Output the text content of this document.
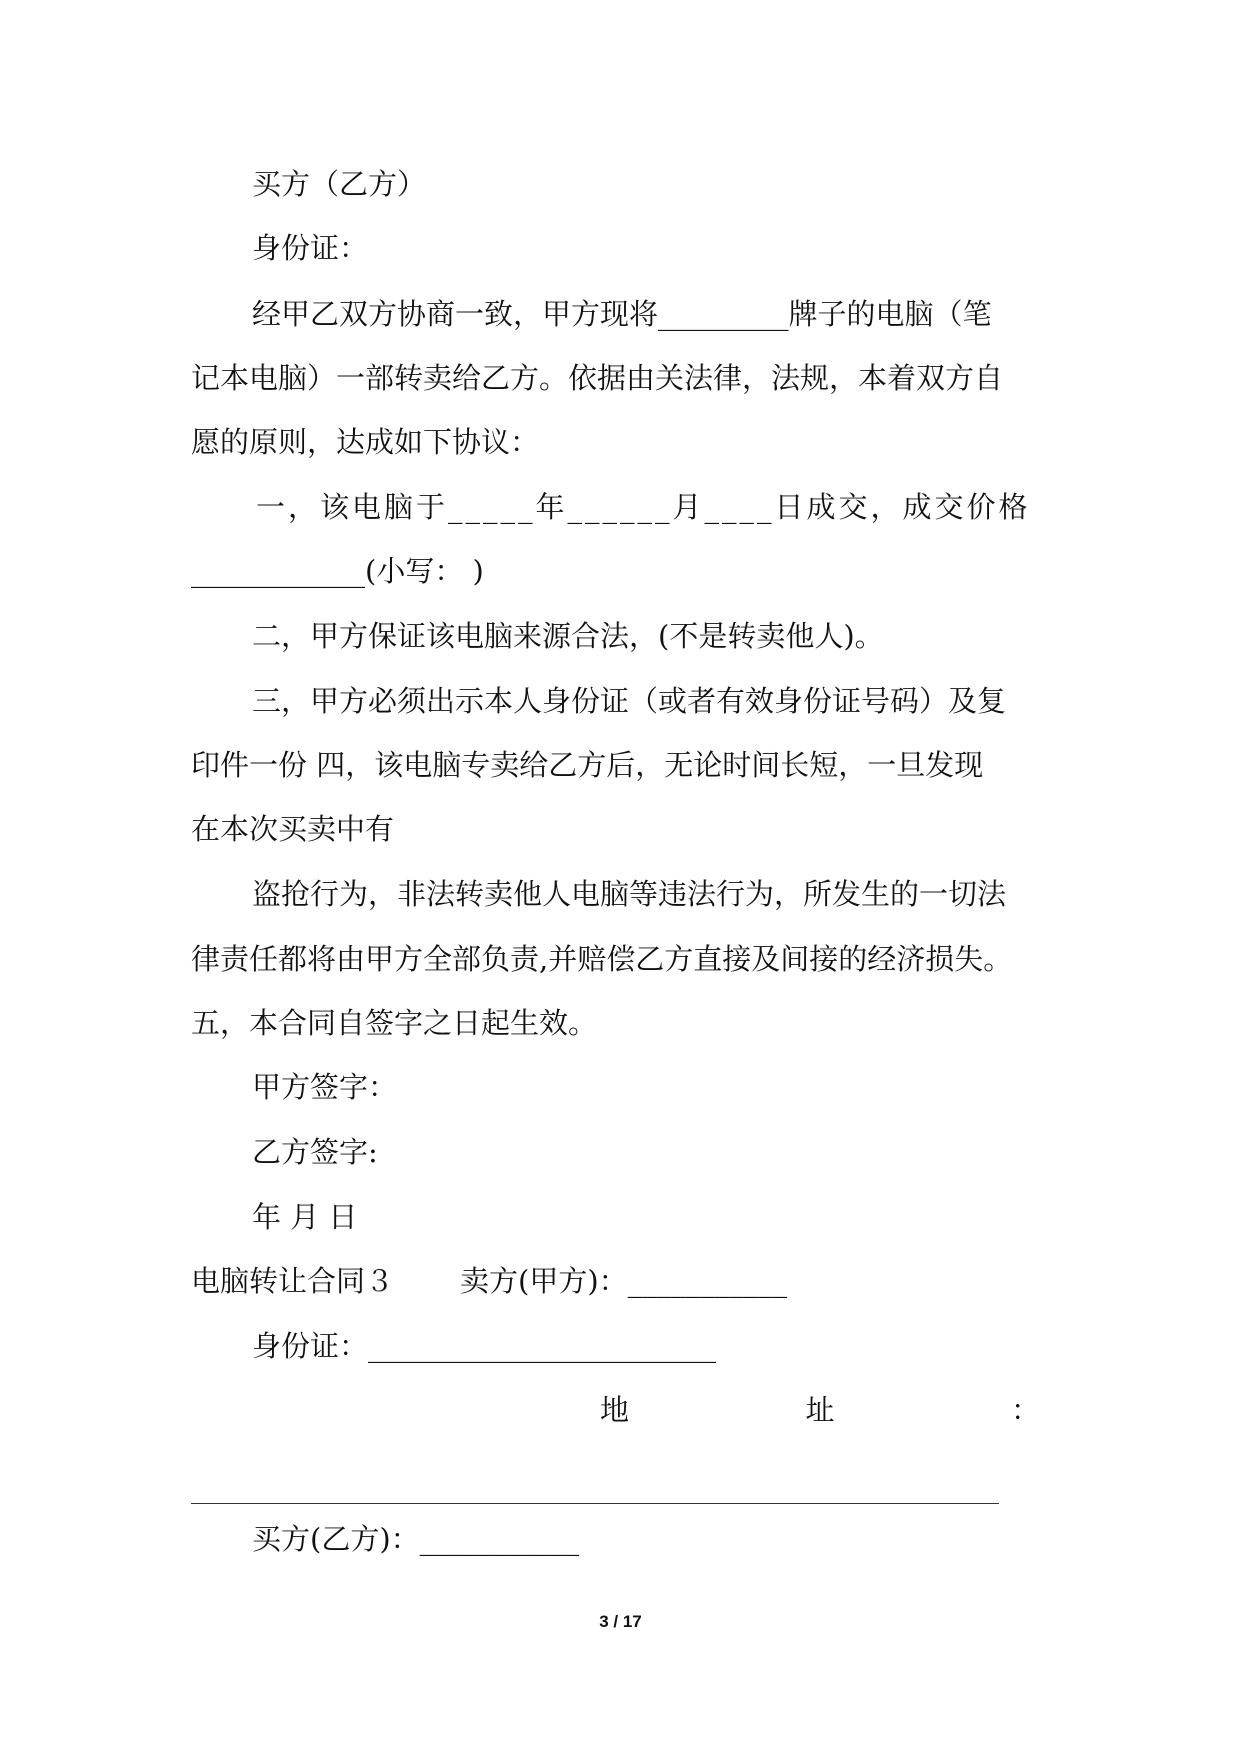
买方（乙方）
身份证：
经甲乙双方协商一致，甲方现将_________牌子的电脑（笔
记本电脑）一部转卖给乙方。依据由关法律，法规，本着双方自
愿的原则，达成如下协议：
一，该电脑于_____年______月____日成交，成交价格
____________(小写： )
二，甲方保证该电脑来源合法，(不是转卖他人)。
三，甲方必须出示本人身份证（或者有效身份证号码）及复
印件一份 四，该电脑专卖给乙方后，无论时间长短，一旦发现
在本次买卖中有
盗抢行为，非法转卖他人电脑等违法行为，所发生的一切法
律责任都将由甲方全部负责,并赔偿乙方直接及间接的经济损失。
五，本合同自签字之日起生效。
甲方签字：
乙方签字:
年 月 日
电脑转让合同３ 卖方(甲方)：___________
身份证：________________________
地	址	：
买方(乙方)：___________
3 / 17
